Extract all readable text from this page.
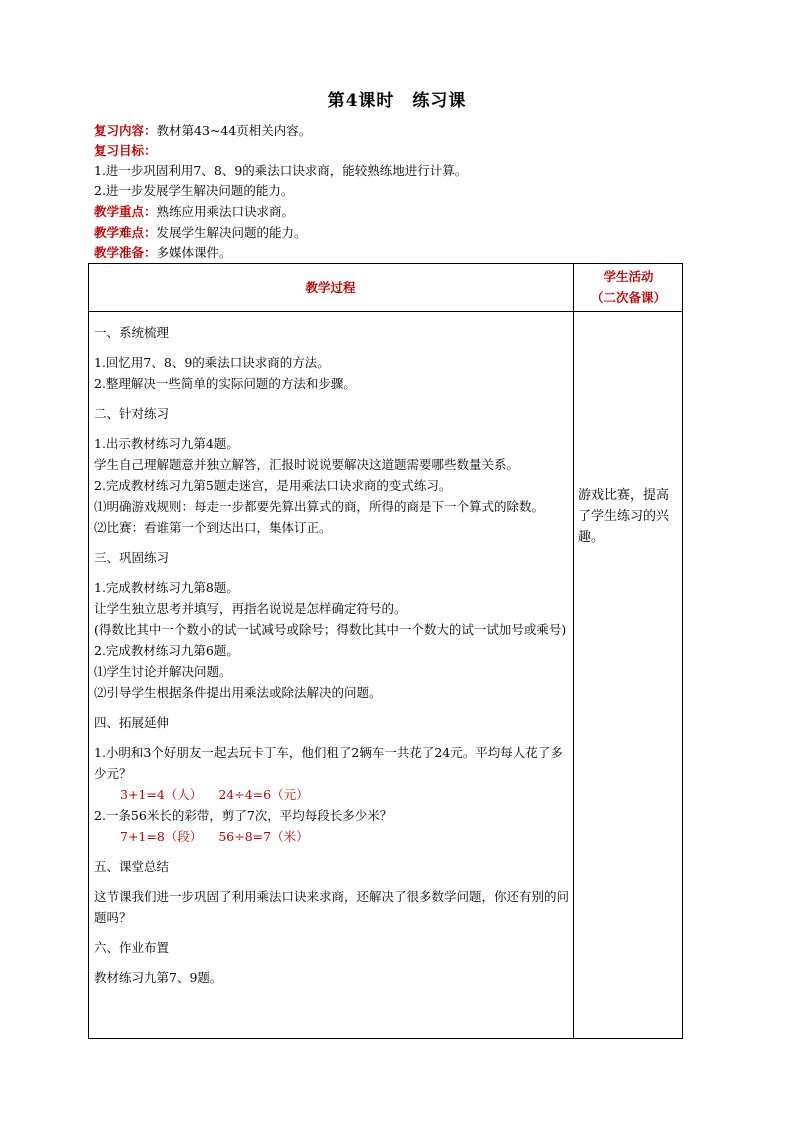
第4课时　练习课
复习内容：教材第43~44页相关内容。
复习目标：
1.进一步巩固利用7、8、9的乘法口诀求商，能较熟练地进行计算。
2.进一步发展学生解决问题的能力。
教学重点：熟练应用乘法口诀求商。
教学难点：发展学生解决问题的能力。
教学准备：多媒体课件。
教学过程
学生活动
（二次备课）

一、系统梳理

1.回忆用7、8、9的乘法口诀求商的方法。

2.整理解决一些简单的实际问题的方法和步骤。

二、针对练习

1.出示教材练习九第4题。

学生自己理解题意并独立解答，汇报时说说要解决这道题需要哪些数量关系。

2.完成教材练习九第5题走迷宫，是用乘法口诀求商的变式练习。

⑴明确游戏规则：每走一步都要先算出算式的商，所得的商是下一个算式的除数。

⑵比赛：看谁第一个到达出口，集体订正。

三、巩固练习

1.完成教材练习九第8题。

让学生独立思考并填写，再指名说说是怎样确定符号的。

(得数比其中一个数小的试一试减号或除号；得数比其中一个数大的试一试加号或乘号)

2.完成教材练习九第6题。

⑴学生讨论并解决问题。

⑵引导学生根据条件提出用乘法或除法解决的问题。

四、拓展延伸

1.小明和3个好朋友一起去玩卡丁车，他们租了2辆车一共花了24元。平均每人花了多少元？

3+1=4（人） 24÷4=6（元）

2.一条56米长的彩带，剪了7次，平均每段长多少米？

7+1=8（段） 56÷8=7（米）

五、课堂总结

这节课我们进一步巩固了利用乘法口诀来求商，还解决了很多数学问题，你还有别的问题吗？

六、作业布置

教材练习九第7、9题。

游戏比赛，提高了学生练习的兴趣。
